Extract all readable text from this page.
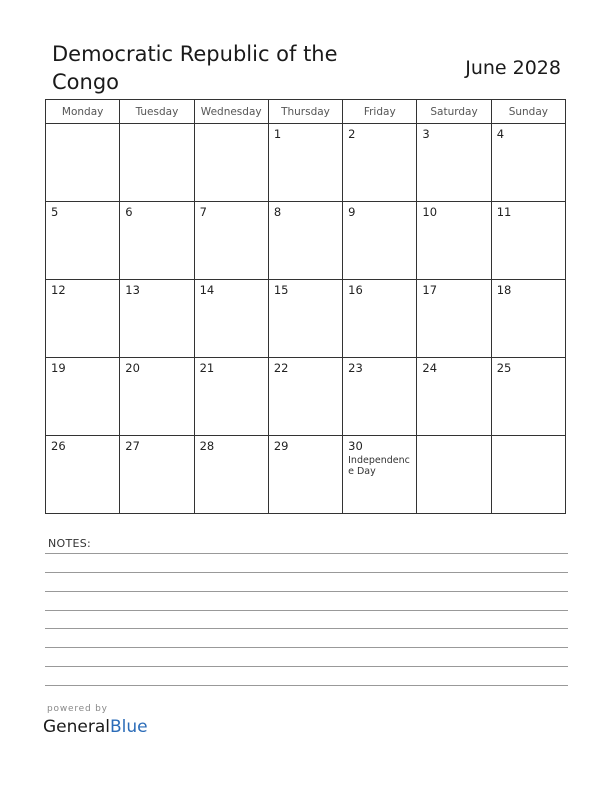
Democratic Republic of the Congo
June 2028
Monday	Tuesday	Wednesday	Thursday	Friday	Saturday	Sunday

			1	2	3	4

5	6	7	8	9	10	11

12	13	14	15	16	17	18

19	20	21	22	23	24	25

26	27	28	29	30
Independence Day		

NOTES:
powered by
GeneralBlue
